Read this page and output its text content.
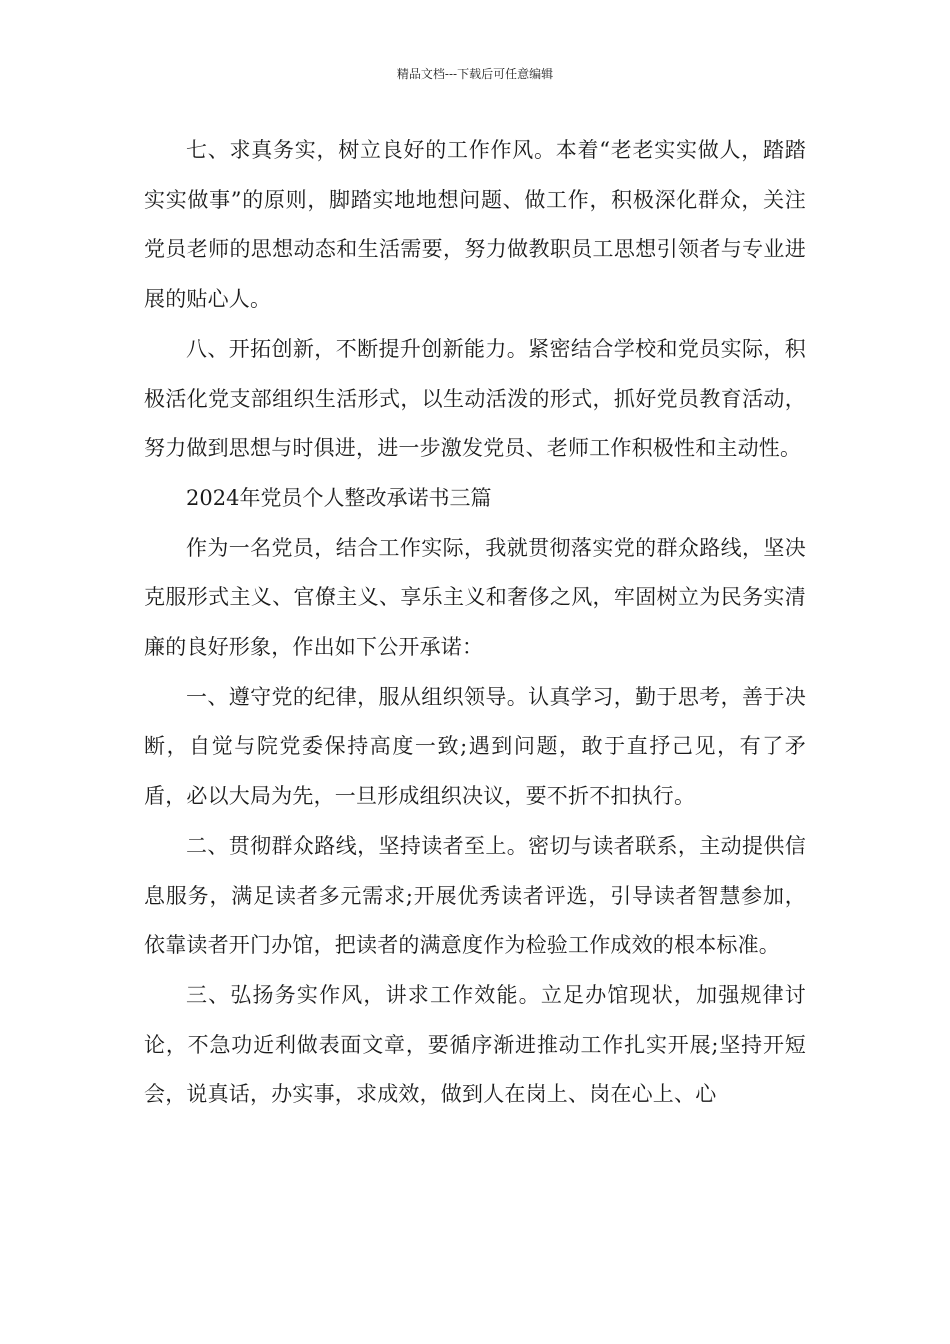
精品文档---下载后可任意编辑

七、求真务实，树立良好的工作作风。本着“老老实实做人，踏踏实实做事”的原则，脚踏实地地想问题、做工作，积极深化群众，关注党员老师的思想动态和生活需要，努力做教职员工思想引领者与专业进展的贴心人。

八、开拓创新，不断提升创新能力。紧密结合学校和党员实际，积极活化党支部组织生活形式，以生动活泼的形式，抓好党员教育活动，努力做到思想与时俱进，进一步激发党员、老师工作积极性和主动性。

2024年党员个人整改承诺书三篇

作为一名党员，结合工作实际，我就贯彻落实党的群众路线，坚决克服形式主义、官僚主义、享乐主义和奢侈之风，牢固树立为民务实清廉的良好形象，作出如下公开承诺：

一、遵守党的纪律，服从组织领导。认真学习，勤于思考，善于决断，自觉与院党委保持高度一致;遇到问题，敢于直抒己见，有了矛盾，必以大局为先，一旦形成组织决议，要不折不扣执行。

二、贯彻群众路线，坚持读者至上。密切与读者联系，主动提供信息服务，满足读者多元需求;开展优秀读者评选，引导读者智慧参加，依靠读者开门办馆，把读者的满意度作为检验工作成效的根本标准。

三、弘扬务实作风，讲求工作效能。立足办馆现状，加强规律讨论，不急功近利做表面文章，要循序渐进推动工作扎实开展;坚持开短会，说真话，办实事，求成效，做到人在岗上、岗在心上、心
